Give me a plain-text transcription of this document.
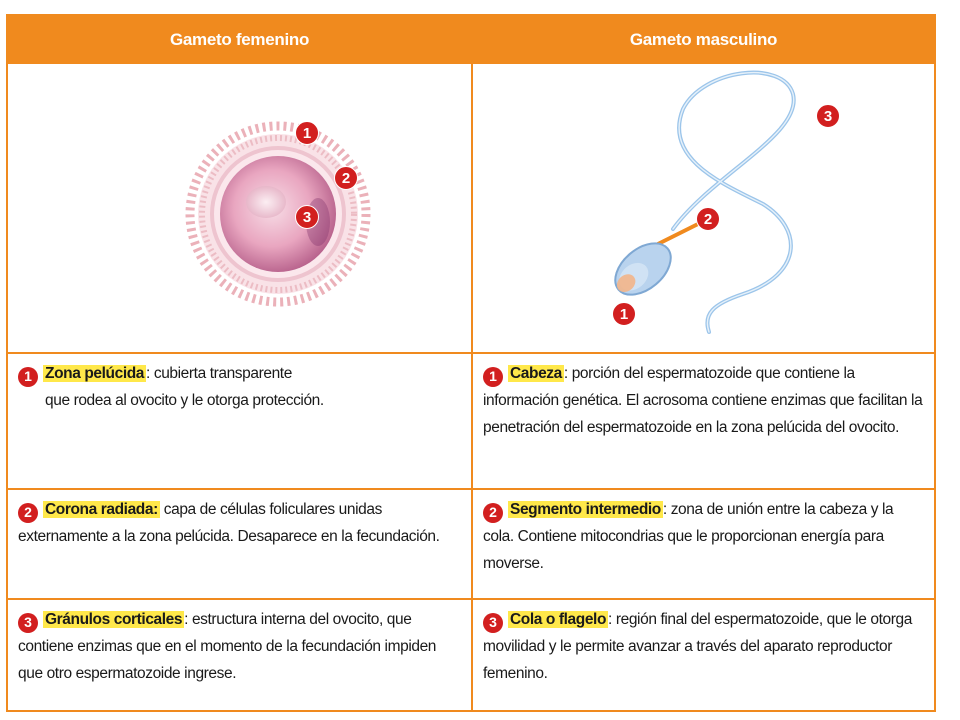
Gameto femenino	Gameto masculino
1
2
3
3
2
1
1 Zona pelúcida : cubierta transparente
que rodea al ovocito y le otorga protección.
1 Cabeza : porción del espermatozoide que contiene la información genética. El acrosoma contiene enzimas que facilitan la penetración del espermatozoide en la zona pelúcida del ovocito.
2 Corona radiada: capa de células foliculares unidas externamente a la zona pelúcida. Desaparece en la fecundación.
2 Segmento intermedio : zona de unión entre la cabeza y la cola. Contiene mitocondrias que le proporcionan energía para moverse.
3 Gránulos corticales : estructura interna del ovocito, que contiene enzimas que en el momento de la fecundación impiden que otro espermatozoide ingrese.
3 Cola o flagelo : región final del espermatozoide, que le otorga movilidad y le permite avanzar a través del aparato reproductor femenino.
